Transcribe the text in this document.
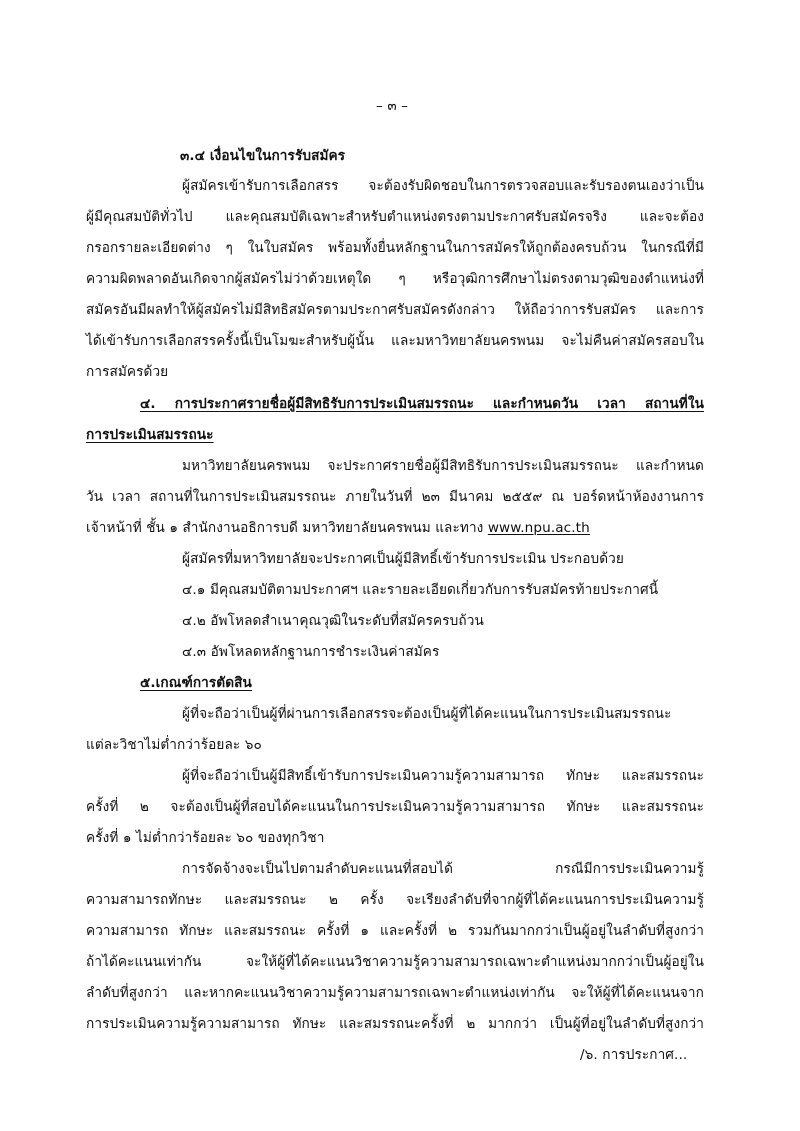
– ๓ –
๓.๔ เงื่อนไขในการรับสมัคร
ผู้สมัครเข้ารับการเลือกสรร จะต้องรับผิดชอบในการตรวจสอบและรับรองตนเองว่าเป็น
ผู้มีคุณสมบัติทั่วไป และคุณสมบัติเฉพาะสำหรับตำแหน่งตรงตามประกาศรับสมัครจริง และจะต้อง
กรอกรายละเอียดต่าง ๆ ในใบสมัคร พร้อมทั้งยื่นหลักฐานในการสมัครให้ถูกต้องครบถ้วน ในกรณีที่มี
ความผิดพลาดอันเกิดจากผู้สมัครไม่ว่าด้วยเหตุใด ๆ หรือวุฒิการศึกษาไม่ตรงตามวุฒิของตำแหน่งที่
สมัครอันมีผลทำให้ผู้สมัครไม่มีสิทธิสมัครตามประกาศรับสมัครดังกล่าว ให้ถือว่าการรับสมัคร และการ
ได้เข้ารับการเลือกสรรครั้งนี้เป็นโมฆะสำหรับผู้นั้น และมหาวิทยาลัยนครพนม จะไม่คืนค่าสมัครสอบใน
การสมัครด้วย
๔. การประกาศรายชื่อผู้มีสิทธิรับการประเมินสมรรถนะ และกำหนดวัน เวลา สถานที่ใน
การประเมินสมรรถนะ
มหาวิทยาลัยนครพนม จะประกาศรายชื่อผู้มีสิทธิรับการประเมินสมรรถนะ และกำหนด
วัน เวลา สถานที่ในการประเมินสมรรถนะ ภายในวันที่ ๒๓ มีนาคม ๒๕๕๙ ณ บอร์ดหน้าห้องงานการ
เจ้าหน้าที่ ชั้น ๑ สำนักงานอธิการบดี มหาวิทยาลัยนครพนม และทาง www.npu.ac.th
ผู้สมัครที่มหาวิทยาลัยจะประกาศเป็นผู้มีสิทธิ์เข้ารับการประเมิน ประกอบด้วย
๔.๑ มีคุณสมบัติตามประกาศฯ และรายละเอียดเกี่ยวกับการรับสมัครท้ายประกาศนี้
๔.๒ อัพโหลดสำเนาคุณวุฒิในระดับที่สมัครครบถ้วน
๔.๓ อัพโหลดหลักฐานการชำระเงินค่าสมัคร
๕.เกณฑ์การตัดสิน
ผู้ที่จะถือว่าเป็นผู้ที่ผ่านการเลือกสรรจะต้องเป็นผู้ที่ได้คะแนนในการประเมินสมรรถนะ
แต่ละวิชาไม่ต่ำกว่าร้อยละ ๖๐
ผู้ที่จะถือว่าเป็นผู้มีสิทธิ์เข้ารับการประเมินความรู้ความสามารถ ทักษะ และสมรรถนะ
ครั้งที่ ๒ จะต้องเป็นผู้ที่สอบได้คะแนนในการประเมินความรู้ความสามารถ ทักษะ และสมรรถนะ
ครั้งที่ ๑ ไม่ต่ำกว่าร้อยละ ๖๐ ของทุกวิชา
การจัดจ้างจะเป็นไปตามลำดับคะแนนที่สอบได้ กรณีมีการประเมินความรู้
ความสามารถทักษะ และสมรรถนะ ๒ ครั้ง จะเรียงลำดับที่จากผู้ที่ได้คะแนนการประเมินความรู้
ความสามารถ ทักษะ และสมรรถนะ ครั้งที่ ๑ และครั้งที่ ๒ รวมกันมากกว่าเป็นผู้อยู่ในลำดับที่สูงกว่า
ถ้าได้คะแนนเท่ากัน จะให้ผู้ที่ได้คะแนนวิชาความรู้ความสามารถเฉพาะตำแหน่งมากกว่าเป็นผู้อยู่ใน
ลำดับที่สูงกว่า และหากคะแนนวิชาความรู้ความสามารถเฉพาะตำแหน่งเท่ากัน จะให้ผู้ที่ได้คะแนนจาก
การประเมินความรู้ความสามารถ ทักษะ และสมรรถนะครั้งที่ ๒ มากกว่า เป็นผู้ที่อยู่ในลำดับที่สูงกว่า
/๖. การประกาศ...
